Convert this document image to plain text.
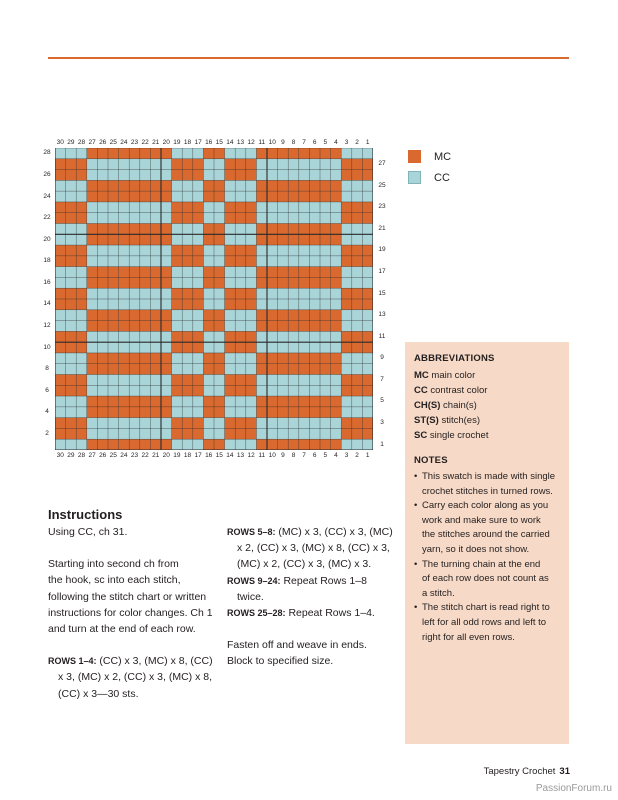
30 29 28 27 26 25 24 23 22 21 20 19 18 17 16 15 14 13 12 11 10 9	8	7	6	5	4	3	2	1
30 29 28 27 26 25 24 23 22 21 20 19 18 17 16 15 14 13 12 11 10 9	8	7	6	5	4	3	2	1
28
26
24
22
20
18
16
14
12
10
8
6
4
2
27
25
23
21
19
17
15
13
11
9
7
5
3
1
MC
CC
ABBREVIATIONS
MC main color
CC contrast color
CH(S) chain(s)
ST(S) stitch(es)
SC single crochet
NOTES
• This swatch is made with single
crochet stitches in turned rows.
• Carry each color along as you
work and make sure to work
the stitches around the carried
yarn, so it does not show.
• The turning chain at the end
of each row does not count as
a stitch.
• The stitch chart is read right to
left for all odd rows and left to
right for all even rows.
Instructions

Using CC, ch 31.

Starting into second ch from
the hook, sc into each stitch,
following the stitch chart or written
instructions for color changes. Ch 1
and turn at the end of each row.

ROWS 1–4: (CC) x 3, (MC) x 8, (CC)
x 3, (MC) x 2, (CC) x 3, (MC) x 8,
(CC) x 3—30 sts.

ROWS 5–8: (MC) x 3, (CC) x 3, (MC)
x 2, (CC) x 3, (MC) x 8, (CC) x 3,
(MC) x 2, (CC) x 3, (MC) x 3.

ROWS 9–24: Repeat Rows 1–8
twice.

ROWS 25–28: Repeat Rows 1–4.

Fasten off and weave in ends.
Block to specified size.
Tapestry Crochet 31
PassionForum.ru
